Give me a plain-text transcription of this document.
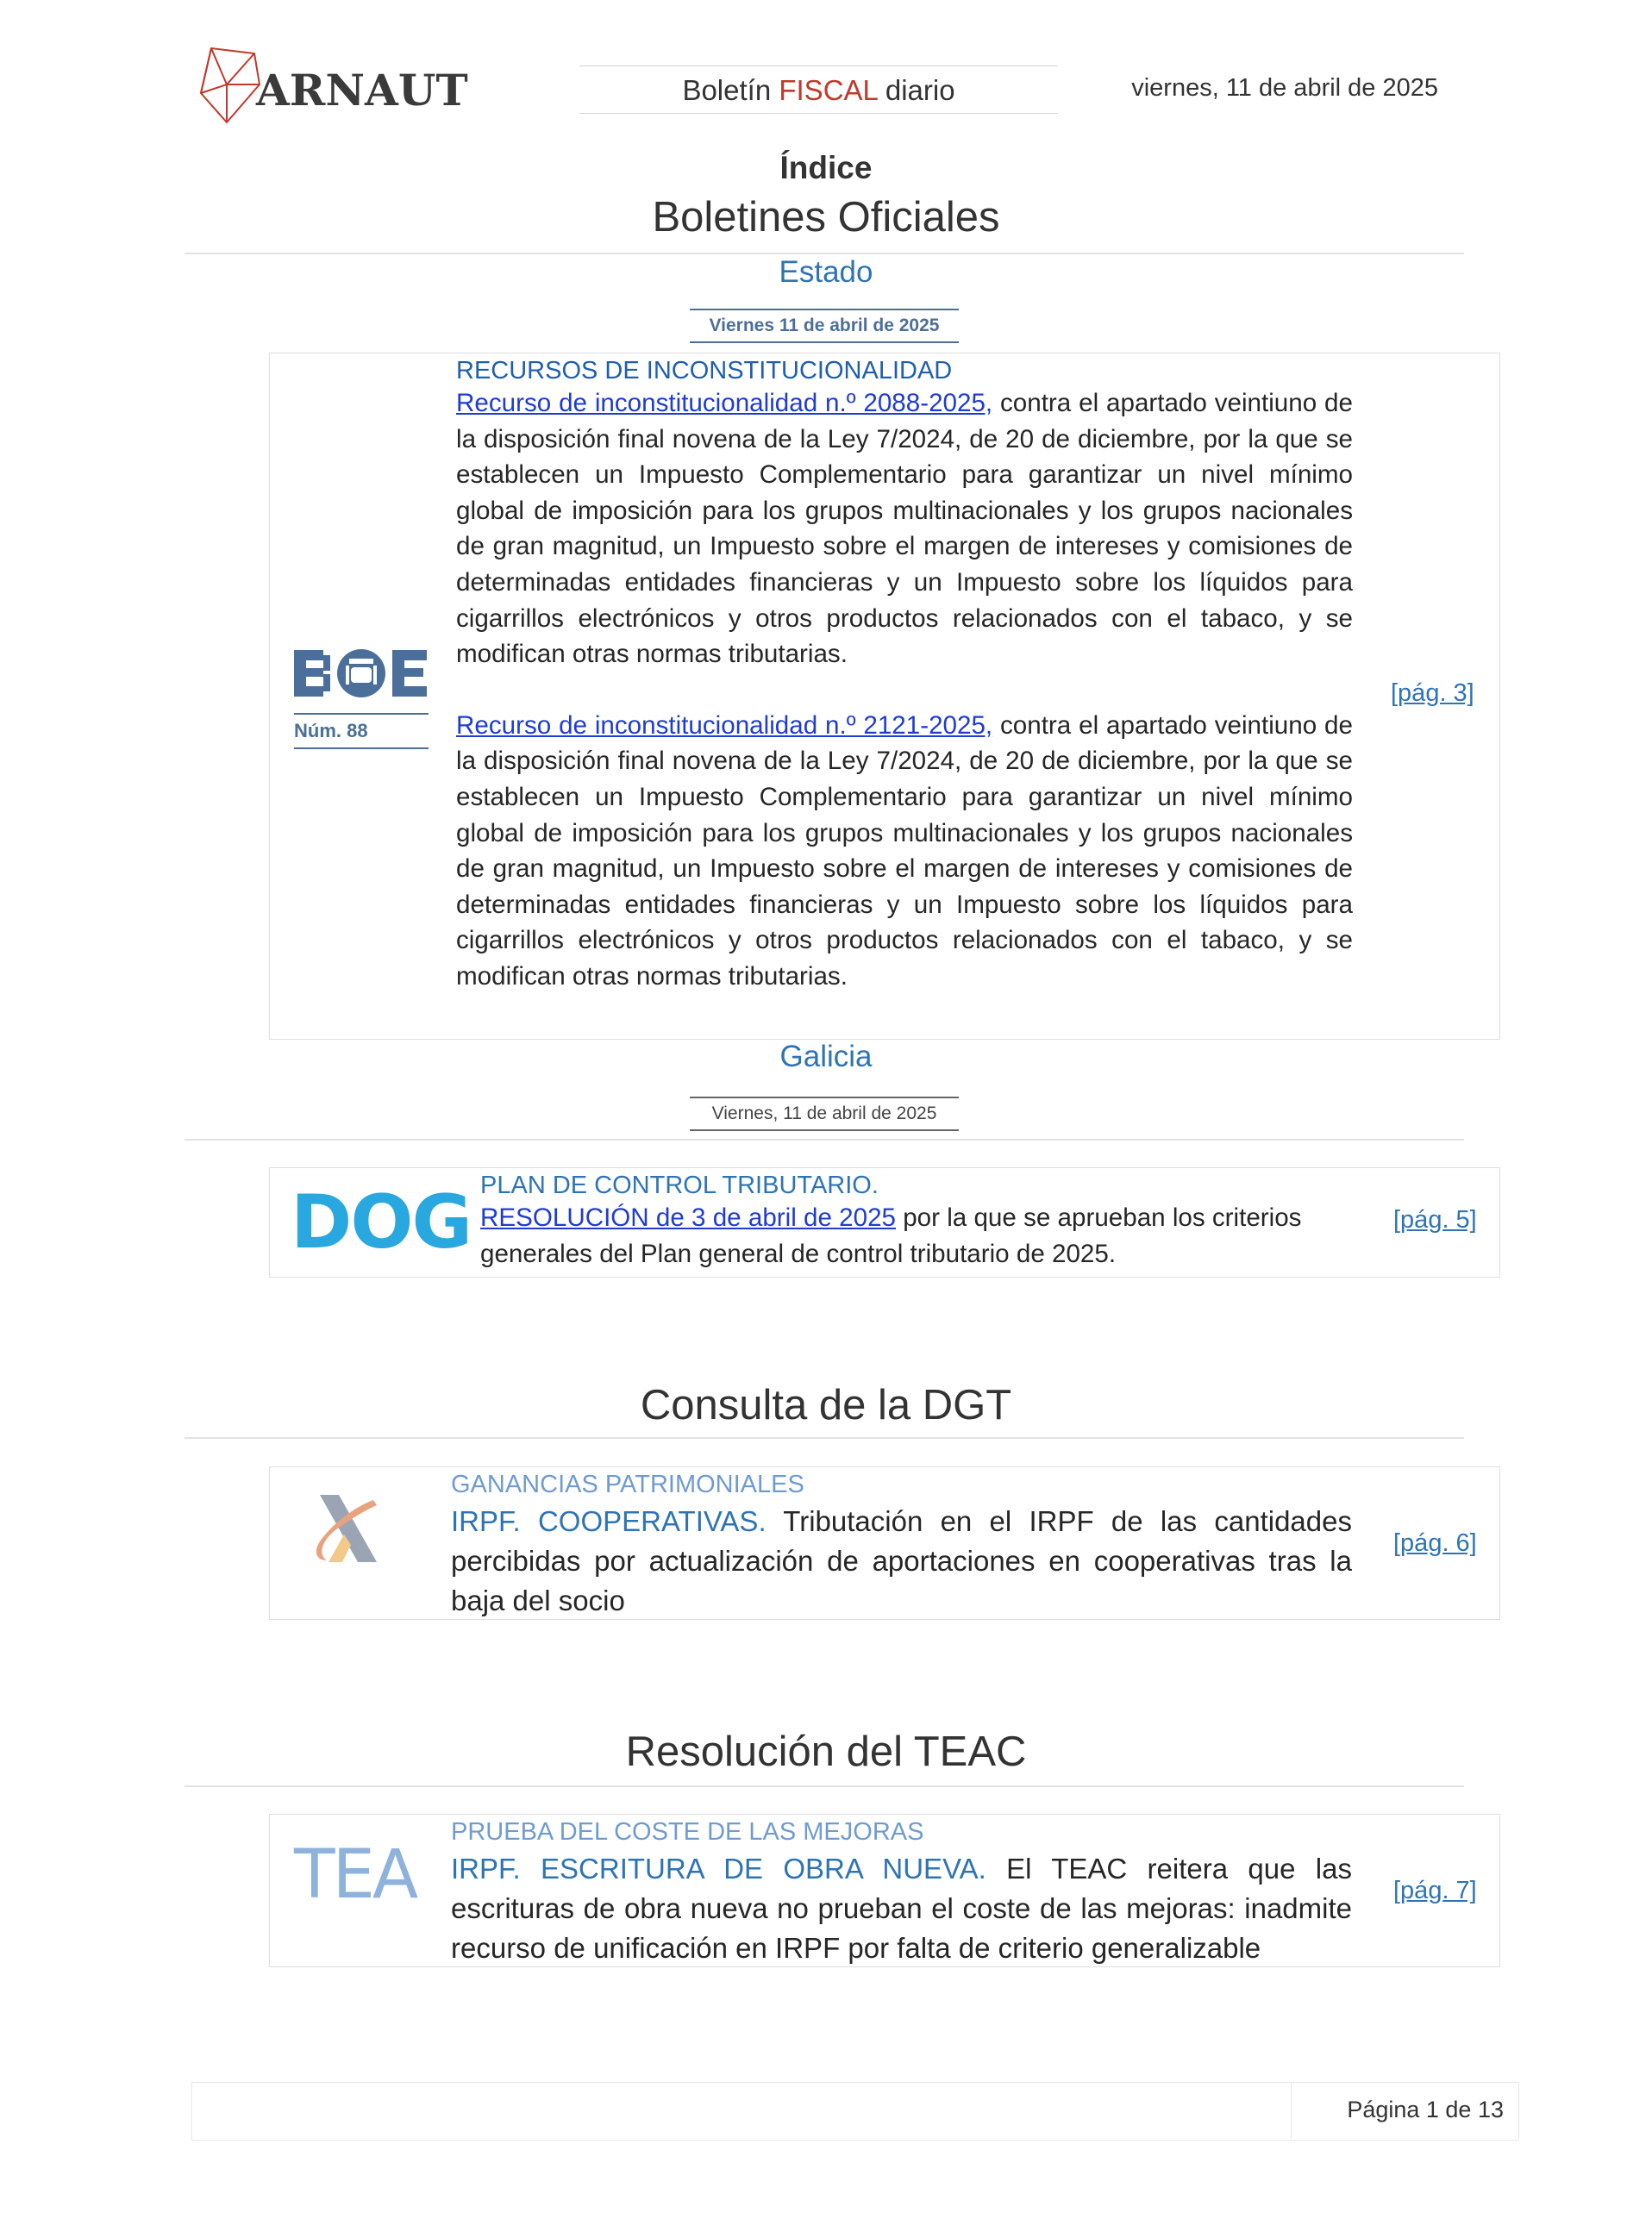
ARNAUT	Boletín FISCAL diario	viernes, 11 de abril de 2025
Índice
Boletines Oficiales
Estado
Viernes 11 de abril de 2025
Núm. 88
RECURSOS DE INCONSTITUCIONALIDAD

Recurso de inconstitucionalidad n.º 2088-2025, contra el apartado veintiuno de la disposición final novena de la Ley 7/2024, de 20 de diciembre, por la que se establecen un Impuesto Complementario para garantizar un nivel mínimo global de imposición para los grupos multinacionales y los grupos nacionales de gran magnitud, un Impuesto sobre el margen de intereses y comisiones de determinadas entidades financieras y un Impuesto sobre los líquidos para cigarrillos electrónicos y otros productos relacionados con el tabaco, y se modifican otras normas tributarias.

Recurso de inconstitucionalidad n.º 2121-2025, contra el apartado veintiuno de la disposición final novena de la Ley 7/2024, de 20 de diciembre, por la que se establecen un Impuesto Complementario para garantizar un nivel mínimo global de imposición para los grupos multinacionales y los grupos nacionales de gran magnitud, un Impuesto sobre el margen de intereses y comisiones de determinadas entidades financieras y un Impuesto sobre los líquidos para cigarrillos electrónicos y otros productos relacionados con el tabaco, y se modifican otras normas tributarias.

[pág. 3]
Galicia
Viernes, 11 de abril de 2025
DOG PLAN DE CONTROL TRIBUTARIO.

RESOLUCIÓN de 3 de abril de 2025 por la que se aprueban los criterios generales del Plan general de control tributario de 2025.

[pág. 5]
Consulta de la DGT
GANANCIAS PATRIMONIALES

IRPF. COOPERATIVAS. Tributación en el IRPF de las cantidades percibidas por actualización de aportaciones en cooperativas tras la baja del socio

[pág. 6]
Resolución del TEAC
TEA
PRUEBA DEL COSTE DE LAS MEJORAS

IRPF. ESCRITURA DE OBRA NUEVA. El TEAC reitera que las escrituras de obra nueva no prueban el coste de las mejoras: inadmite recurso de unificación en IRPF por falta de criterio generalizable

[pág. 7]
Página 1 de 13
